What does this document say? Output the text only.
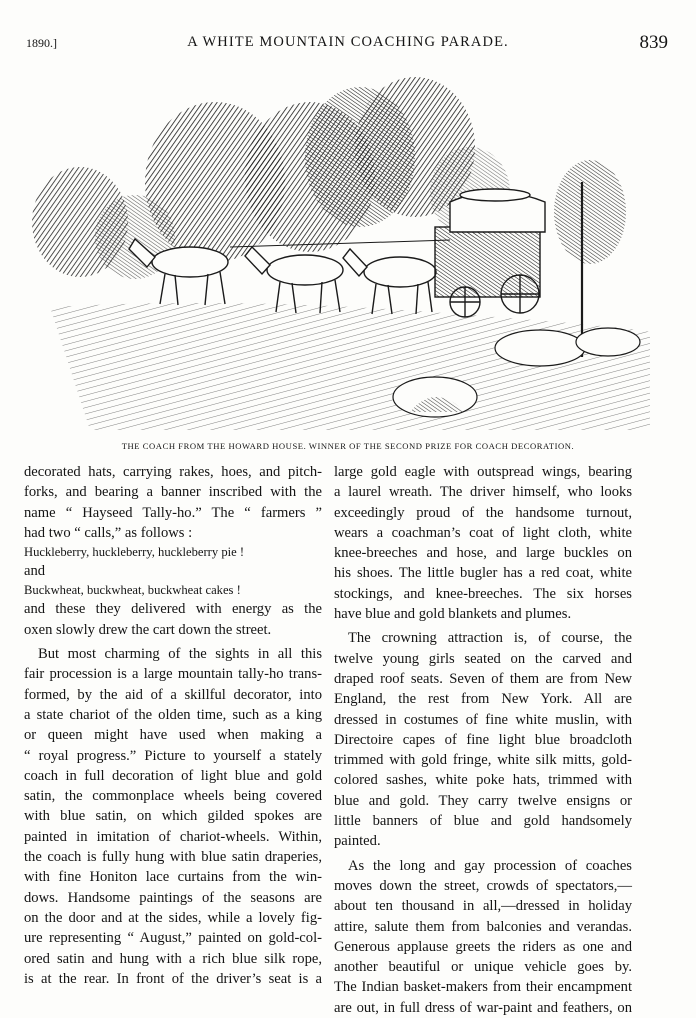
1890.]	A WHITE MOUNTAIN COACHING PARADE.	839
THE COACH FROM THE HOWARD HOUSE. WINNER OF THE SECOND PRIZE FOR COACH DECORATION.

decorated hats, carrying rakes, hoes, and pitch-
forks, and bearing a banner inscribed with the
name “ Hayseed Tally-ho.” The “ farmers ”
had two “ calls,” as follows :

Huckleberry, huckleberry, huckleberry pie !

and

Buckwheat, buckwheat, buckwheat cakes !

and these they delivered with energy as the
oxen slowly drew the cart down the street.

But most charming of the sights in all this
fair procession is a large mountain tally-ho trans-
formed, by the aid of a skillful decorator, into
a state chariot of the olden time, such as a king
or queen might have used when making a
“ royal progress.” Picture to yourself a stately
coach in full decoration of light blue and gold
satin, the commonplace wheels being covered
with blue satin, on which gilded spokes are
painted in imitation of chariot-wheels. Within,
the coach is fully hung with blue satin draperies,
with fine Honiton lace curtains from the win-
dows. Handsome paintings of the seasons are
on the door and at the sides, while a lovely fig-
ure representing “ August,” painted on gold-col-
ored satin and hung with a rich blue silk rope,
is at the rear. In front of the driver’s seat is a

large gold eagle with outspread wings, bearing
a laurel wreath. The driver himself, who looks
exceedingly proud of the handsome turnout,
wears a coachman’s coat of light cloth, white
knee-breeches and hose, and large buckles on
his shoes. The little bugler has a red coat, white
stockings, and knee-breeches. The six horses
have blue and gold blankets and plumes.

The crowning attraction is, of course, the
twelve young girls seated on the carved and
draped roof seats. Seven of them are from New
England, the rest from New York. All are
dressed in costumes of fine white muslin, with
Directoire capes of fine light blue broadcloth
trimmed with gold fringe, white silk mitts, gold-
colored sashes, white poke hats, trimmed with
blue and gold. They carry twelve ensigns or
little banners of blue and gold handsomely
painted.

As the long and gay procession of coaches
moves down the street, crowds of spectators,—
about ten thousand in all,—dressed in holiday
attire, salute them from balconies and verandas.
Generous applause greets the riders as one and
another beautiful or unique vehicle goes by.
The Indian basket-makers from their encampment
are out, in full dress of war-paint and feathers, on
